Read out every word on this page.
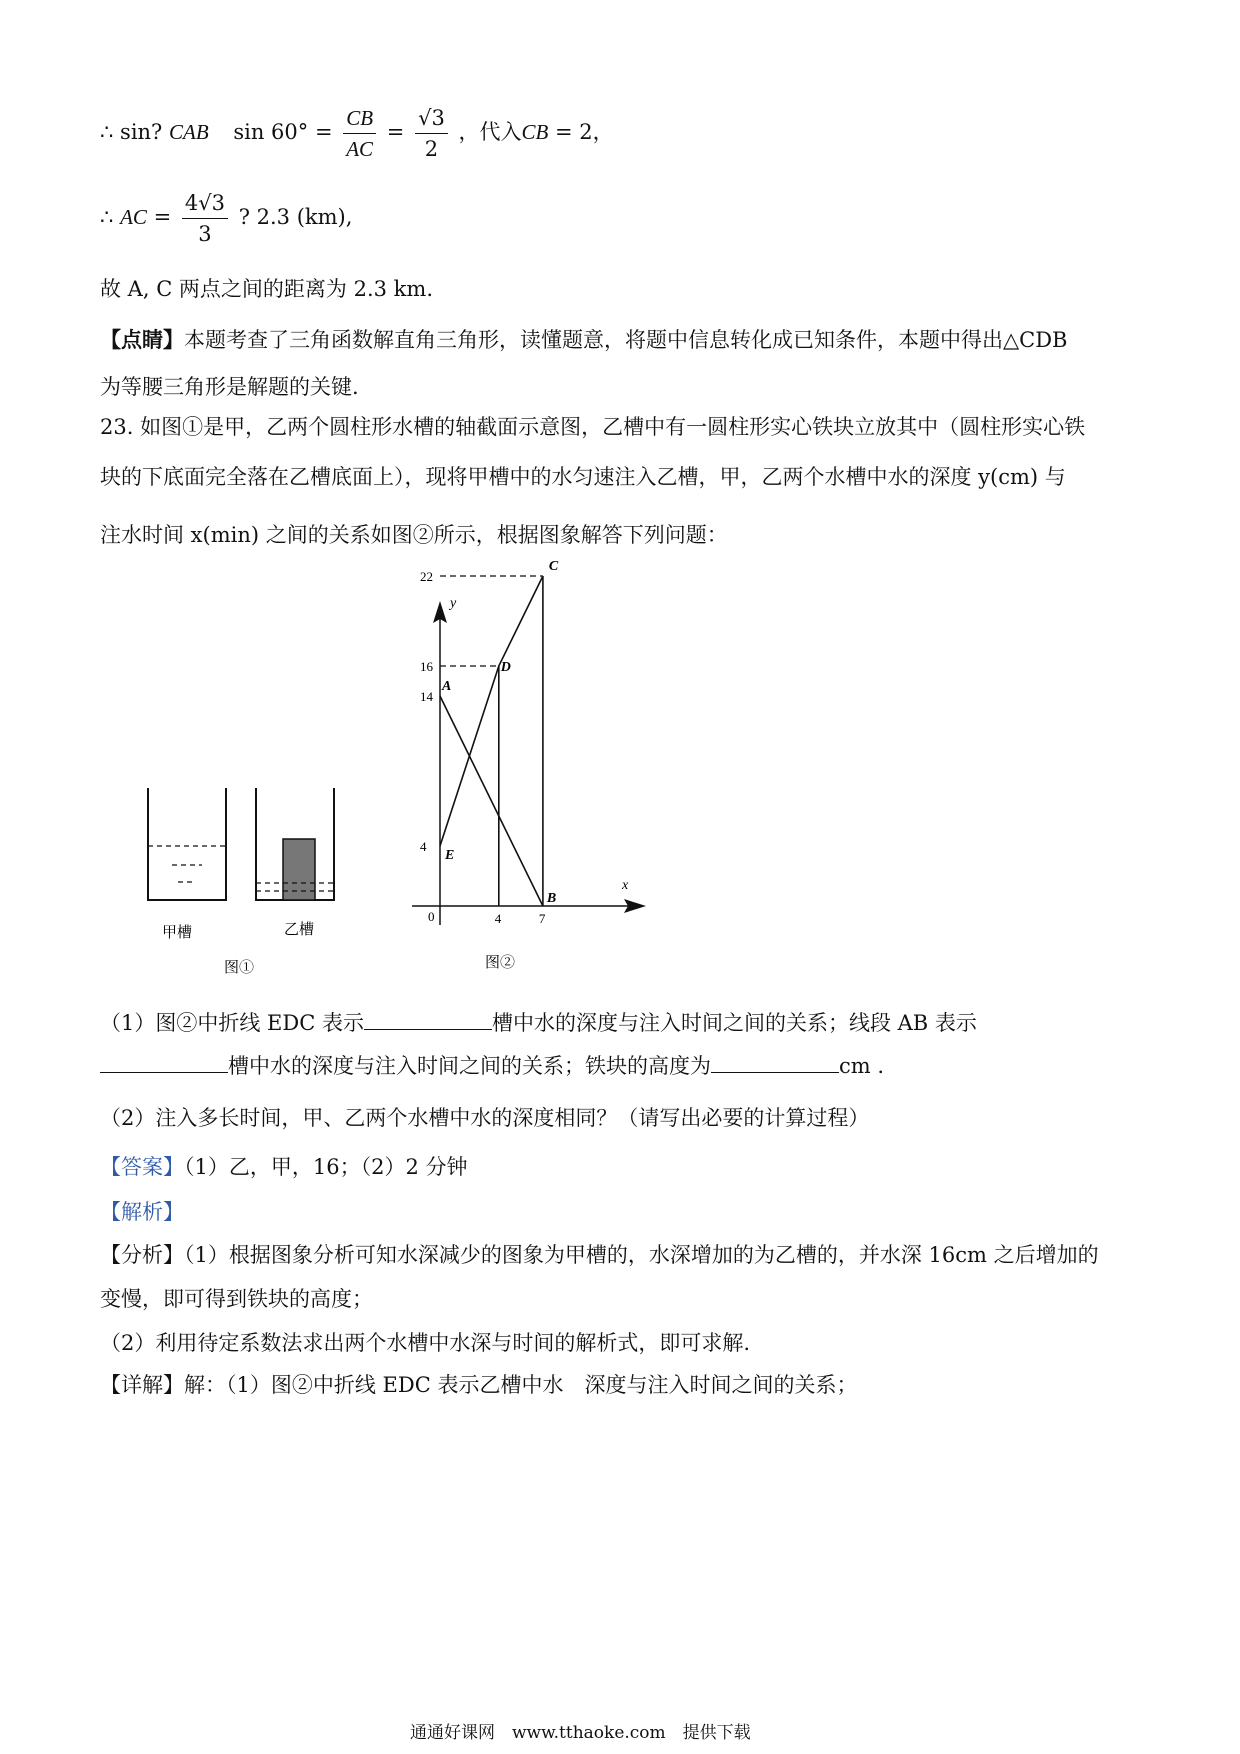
∴ sin? CAB $\sin 60^\circ = \frac{CB}{AC} = \frac{√3}{2}$ ，代入CB = 2，
∴ AC = $\frac{4√3}{3}$ ? 2.3 (km),
故 A, C 两点之间的距离为 2.3 km.
【点睛】本题考查了三角函数解直角三角形，读懂题意，将题中信息转化成已知条件，本题中得出△CDB
为等腰三角形是解题的关键.
23. 如图①是甲，乙两个圆柱形水槽的轴截面示意图，乙槽中有一圆柱形实心铁块立放其中（圆柱形实心铁
块的下底面完全落在乙槽底面上），现将甲槽中的水匀速注入乙槽，甲，乙两个水槽中水的深度 y(cm) 与
注水时间 x(min) 之间的关系如图②所示，根据图象解答下列问题：
甲槽	乙槽
图①
x
y
0
图②
4
14
16
22
4	7
E
D
C
A
B
（1）图②中折线 EDC 表示	槽中水的深度与注入时间之间的关系；线段 AB 表示
槽中水的深度与注入时间之间的关系；铁块的高度为	cm .
（2）注入多长时间，甲、乙两个水槽中水的深度相同？（请写出必要的计算过程）
【答案】（1）乙，甲，16；（2）2 分钟
【解析】
【分析】（1）根据图象分析可知水深减少的图象为甲槽的，水深增加的为乙槽的，并水深 16cm 之后增加的
变慢，即可得到铁块的高度；
（2）利用待定系数法求出两个水槽中水深与时间的解析式，即可求解.
【详解】解：（1）图②中折线 EDC 表示乙槽中水　深度与注入时间之间的关系；
通通好课网　www.tthaoke.com　提供下载
